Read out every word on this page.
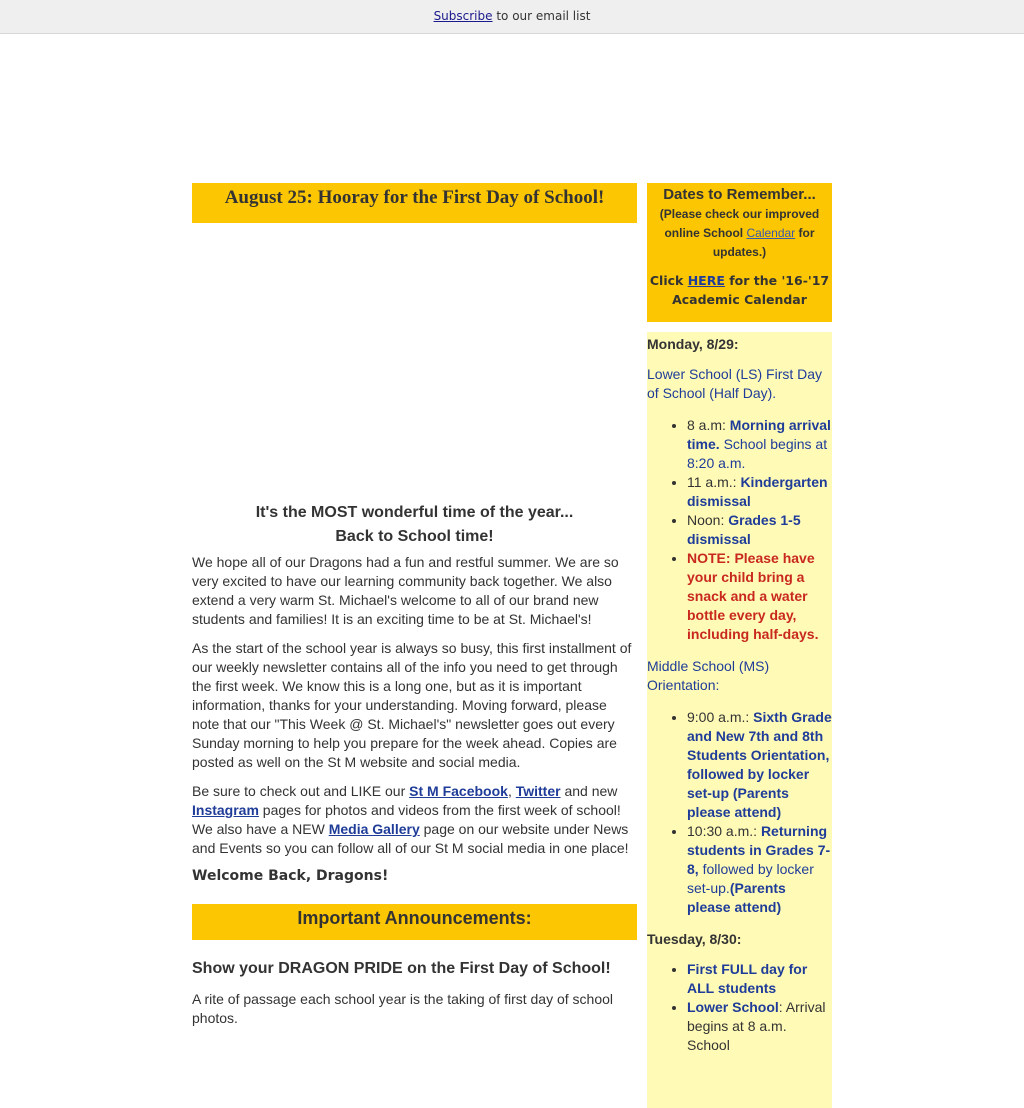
Subscribe to our email list
August 25: Hooray for the First Day of School!
It's the MOST wonderful time of the year...
Back to School time!

We hope all of our Dragons had a fun and restful summer. We are so very excited to have our learning community back together. We also extend a very warm St. Michael's welcome to all of our brand new students and families! It is an exciting time to be at St. Michael's!

As the start of the school year is always so busy, this first installment of our weekly newsletter contains all of the info you need to get through the first week. We know this is a long one, but as it is important information, thanks for your understanding. Moving forward, please note that our "This Week @ St. Michael's" newsletter goes out every Sunday morning to help you prepare for the week ahead. Copies are posted as well on the St M website and social media.

Be sure to check out and LIKE our St M Facebook, Twitter and new Instagram pages for photos and videos from the first week of school! We also have a NEW Media Gallery page on our website under News and Events so you can follow all of our St M social media in one place!

Welcome Back, Dragons!
Important Announcements:
Show your DRAGON PRIDE on the First Day of School!

A rite of passage each school year is the taking of first day of school photos.

Dates to Remember...
(Please check our improved online School Calendar for updates.)
Click HERE for the '16-'17 Academic Calendar
Monday, 8/29:
Lower School (LS) First Day of School (Half Day).
• 8 a.m: Morning arrival time. School begins at 8:20 a.m.
• 11 a.m.: Kindergarten dismissal
• Noon: Grades 1-5 dismissal
• NOTE: Please have your child bring a snack and a water bottle every day, including half-days.
Middle School (MS) Orientation:
• 9:00 a.m.: Sixth Grade and New 7th and 8th Students Orientation, followed by locker set-up (Parents please attend)
• 10:30 a.m.: Returning students in Grades 7-8, followed by locker set-up.(Parents please attend)
Tuesday, 8/30:
• First FULL day for ALL students
• Lower School: Arrival begins at 8 a.m. School
